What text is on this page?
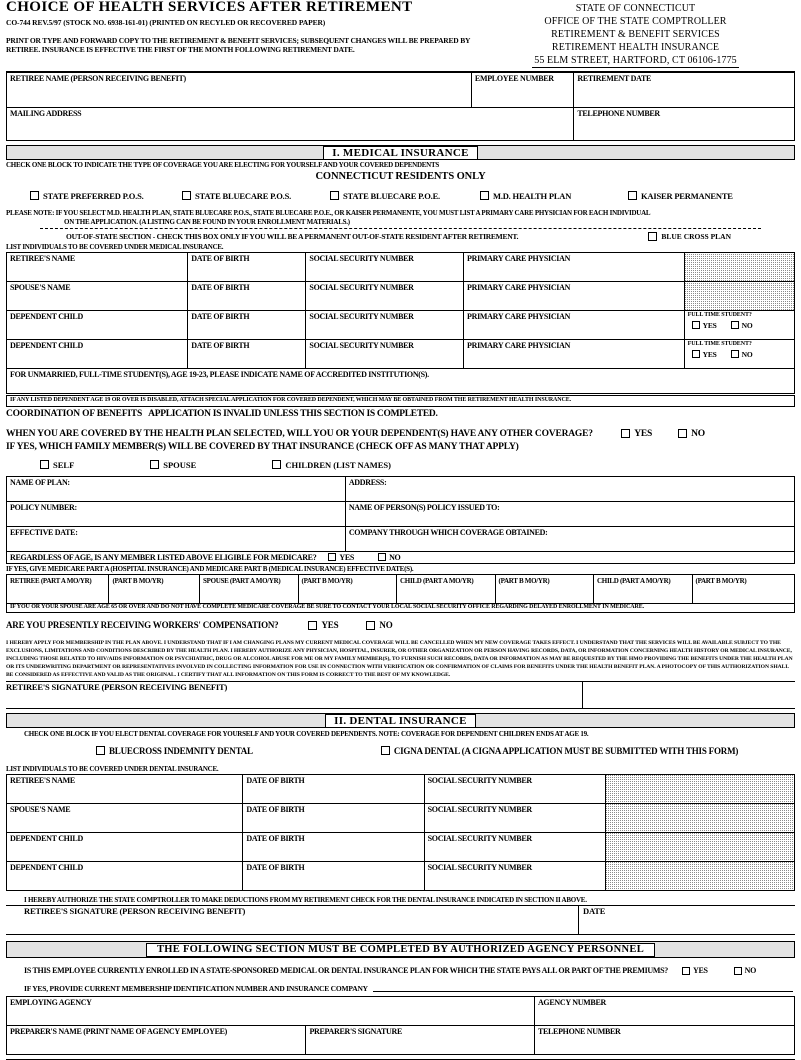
CHOICE OF HEALTH SERVICES AFTER RETIREMENT
CO-744 REV.5/97 (STOCK NO. 6938-161-01) (PRINTED ON RECYLED OR RECOVERED PAPER)
PRINT OR TYPE AND FORWARD COPY TO THE RETIREMENT & BENEFIT SERVICES; SUBSEQUENT CHANGES WILL BE PREPARED BY RETIREE. INSURANCE IS EFFECTIVE THE FIRST OF THE MONTH FOLLOWING RETIREMENT DATE.
STATE OF CONNECTICUT
OFFICE OF THE STATE COMPTROLLER
RETIREMENT & BENEFIT SERVICES
RETIREMENT HEALTH INSURANCE
55 ELM STREET, HARTFORD, CT 06106-1775
RETIREE NAME (PERSON RECEIVING BENEFIT)	EMPLOYEE NUMBER	RETIREMENT DATE
MAILING ADDRESS	TELEPHONE NUMBER
I. MEDICAL INSURANCE
CHECK ONE BLOCK TO INDICATE THE TYPE OF COVERAGE YOU ARE ELECTING FOR YOURSELF AND YOUR COVERED DEPENDENTS
CONNECTICUT RESIDENTS ONLY
STATE PREFERRED P.O.S.	STATE BLUECARE P.O.S.	STATE BLUECARE P.O.E.	M.D. HEALTH PLAN	KAISER PERMANENTE
PLEASE NOTE: IF YOU SELECT M.D. HEALTH PLAN, STATE BLUECARE P.O.S., STATE BLUECARE P.O.E., OR KAISER PERMANENTE, YOU MUST LIST A PRIMARY CARE PHYSICIAN FOR EACH INDIVIDUAL
ON THE APPLICATION. (A LISTING CAN BE FOUND IN YOUR ENROLLMENT MATERIALS.)
OUT-OF-STATE SECTION - CHECK THIS BOX ONLY IF YOU WILL BE A PERMANENT OUT-OF-STATE RESIDENT AFTER RETIREMENT.	BLUE CROSS PLAN
LIST INDIVIDUALS TO BE COVERED UNDER MEDICAL INSURANCE.
RETIREE'S NAME	DATE OF BIRTH	SOCIAL SECURITY NUMBER	PRIMARY CARE PHYSICIAN	
SPOUSE'S NAME	DATE OF BIRTH	SOCIAL SECURITY NUMBER	PRIMARY CARE PHYSICIAN	
DEPENDENT CHILD	DATE OF BIRTH	SOCIAL SECURITY NUMBER	PRIMARY CARE PHYSICIAN	FULL TIME STUDENT?
YES NO

DEPENDENT CHILD	DATE OF BIRTH	SOCIAL SECURITY NUMBER	PRIMARY CARE PHYSICIAN	FULL TIME STUDENT?
YES NO

FOR UNMARRIED, FULL-TIME STUDENT(S), AGE 19-23, PLEASE INDICATE NAME OF ACCREDITED INSTITUTION(S).				
IF ANY LISTED DEPENDENT AGE 19 OR OVER IS DISABLED, ATTACH SPECIAL APPLICATION FOR COVERED DEPENDENT, WHICH MAY BE OBTAINED FROM THE RETIREMENT HEALTH INSURANCE.
COORDINATION OF BENEFITS APPLICATION IS INVALID UNLESS THIS SECTION IS COMPLETED.
WHEN YOU ARE COVERED BY THE HEALTH PLAN SELECTED, WILL YOU OR YOUR DEPENDENT(S) HAVE ANY OTHER COVERAGE?	YES	NO
IF YES, WHICH FAMILY MEMBER(S) WILL BE COVERED BY THAT INSURANCE (CHECK OFF AS MANY THAT APPLY)
SELF	SPOUSE	CHILDREN (LIST NAMES)
NAME OF PLAN:	ADDRESS:
POLICY NUMBER:	NAME OF PERSON(S) POLICY ISSUED TO:
EFFECTIVE DATE:	COMPANY THROUGH WHICH COVERAGE OBTAINED:
REGARDLESS OF AGE, IS ANY MEMBER LISTED ABOVE ELIGIBLE FOR MEDICARE?	YES	NO
IF YES, GIVE MEDICARE PART A (HOSPITAL INSURANCE) AND MEDICARE PART B (MEDICAL INSURANCE) EFFECTIVE DATE(S).
RETIREE (PART A MO/YR)	(PART B MO/YR)	SPOUSE (PART A MO/YR)	(PART B MO/YR)	CHILD (PART A MO/YR)	(PART B MO/YR)	CHILD (PART A MO/YR)	(PART B MO/YR)
IF YOU OR YOUR SPOUSE ARE AGE 65 OR OVER AND DO NOT HAVE COMPLETE MEDICARE COVERAGE BE SURE TO CONTACT YOUR LOCAL SOCIAL SECURITY OFFICE REGARDING DELAYED ENROLLMENT IN MEDICARE.
ARE YOU PRESENTLY RECEIVING WORKERS' COMPENSATION?	YES	NO
I HEREBY APPLY FOR MEMBERSHIP IN THE PLAN ABOVE. I UNDERSTAND THAT IF I AM CHANGING PLANS MY CURRENT MEDICAL COVERAGE WILL BE CANCELLED WHEN MY NEW COVERAGE TAKES EFFECT. I UNDERSTAND THAT THE SERVICES WILL BE AVAILABLE SUBJECT TO THE EXCLUSIONS, LIMITATIONS AND CONDITIONS DESCRIBED BY THE HEALTH PLAN. I HEREBY AUTHORIZE ANY PHYSICIAN, HOSPITAL, INSURER, OR OTHER ORGANIZATION OR PERSON HAVING RECORDS, DATA, OR INFORMATION CONCERNING HEALTH HISTORY OR MEDICAL INSURANCE, INCLUDING THOSE RELATED TO HIV/AIDS INFORMATION OR PSYCHIATRIC, DRUG OR ALCOHOL ABUSE FOR ME OR MY FAMILY MEMBER(S), TO FURNISH SUCH RECORDS, DATA OR INFORMATION AS MAY BE REQUESTED BY THE HMO PROVIDING THE BENEFITS UNDER THE HEALTH PLAN OR ITS UNDERWRITING DEPARTMENT OR REPRESENTATIVES INVOLVED IN COLLECTING INFORMATION FOR USE IN CONNECTION WITH VERIFICATION OR CONFIRMATION OF CLAIMS FOR BENEFITS UNDER THE HEALTH BENEFIT PLAN. A PHOTOCOPY OF THIS AUTHORIZATION SHALL BE CONSIDERED AS EFFECTIVE AND VALID AS THE ORIGINAL. I CERTIFY THAT ALL INFORMATION ON THIS FORM IS CORRECT TO THE BEST OF MY KNOWLEDGE.
RETIREE'S SIGNATURE (PERSON RECEIVING BENEFIT)
II. DENTAL INSURANCE
CHECK ONE BLOCK IF YOU ELECT DENTAL COVERAGE FOR YOURSELF AND YOUR COVERED DEPENDENTS. NOTE: COVERAGE FOR DEPENDENT CHILDREN ENDS AT AGE 19.
BLUECROSS INDEMNITY DENTAL	CIGNA DENTAL (A CIGNA APPLICATION MUST BE SUBMITTED WITH THIS FORM)
LIST INDIVIDUALS TO BE COVERED UNDER DENTAL INSURANCE.
RETIREE'S NAME	DATE OF BIRTH	SOCIAL SECURITY NUMBER	
SPOUSE'S NAME	DATE OF BIRTH	SOCIAL SECURITY NUMBER	
DEPENDENT CHILD	DATE OF BIRTH	SOCIAL SECURITY NUMBER	
DEPENDENT CHILD	DATE OF BIRTH	SOCIAL SECURITY NUMBER	
I HEREBY AUTHORIZE THE STATE COMPTROLLER TO MAKE DEDUCTIONS FROM MY RETIREMENT CHECK FOR THE DENTAL INSURANCE INDICATED IN SECTION II ABOVE.
RETIREE'S SIGNATURE (PERSON RECEIVING BENEFIT)	DATE
THE FOLLOWING SECTION MUST BE COMPLETED BY AUTHORIZED AGENCY PERSONNEL
IS THIS EMPLOYEE CURRENTLY ENROLLED IN A STATE-SPONSORED MEDICAL OR DENTAL INSURANCE PLAN FOR WHICH THE STATE PAYS ALL OR PART OF THE PREMIUMS?	YES	NO
IF YES, PROVIDE CURRENT MEMBERSHIP IDENTIFICATION NUMBER AND INSURANCE COMPANY
EMPLOYING AGENCY	AGENCY NUMBER
PREPARER'S NAME (PRINT NAME OF AGENCY EMPLOYEE)	PREPARER'S SIGNATURE	TELEPHONE NUMBER
